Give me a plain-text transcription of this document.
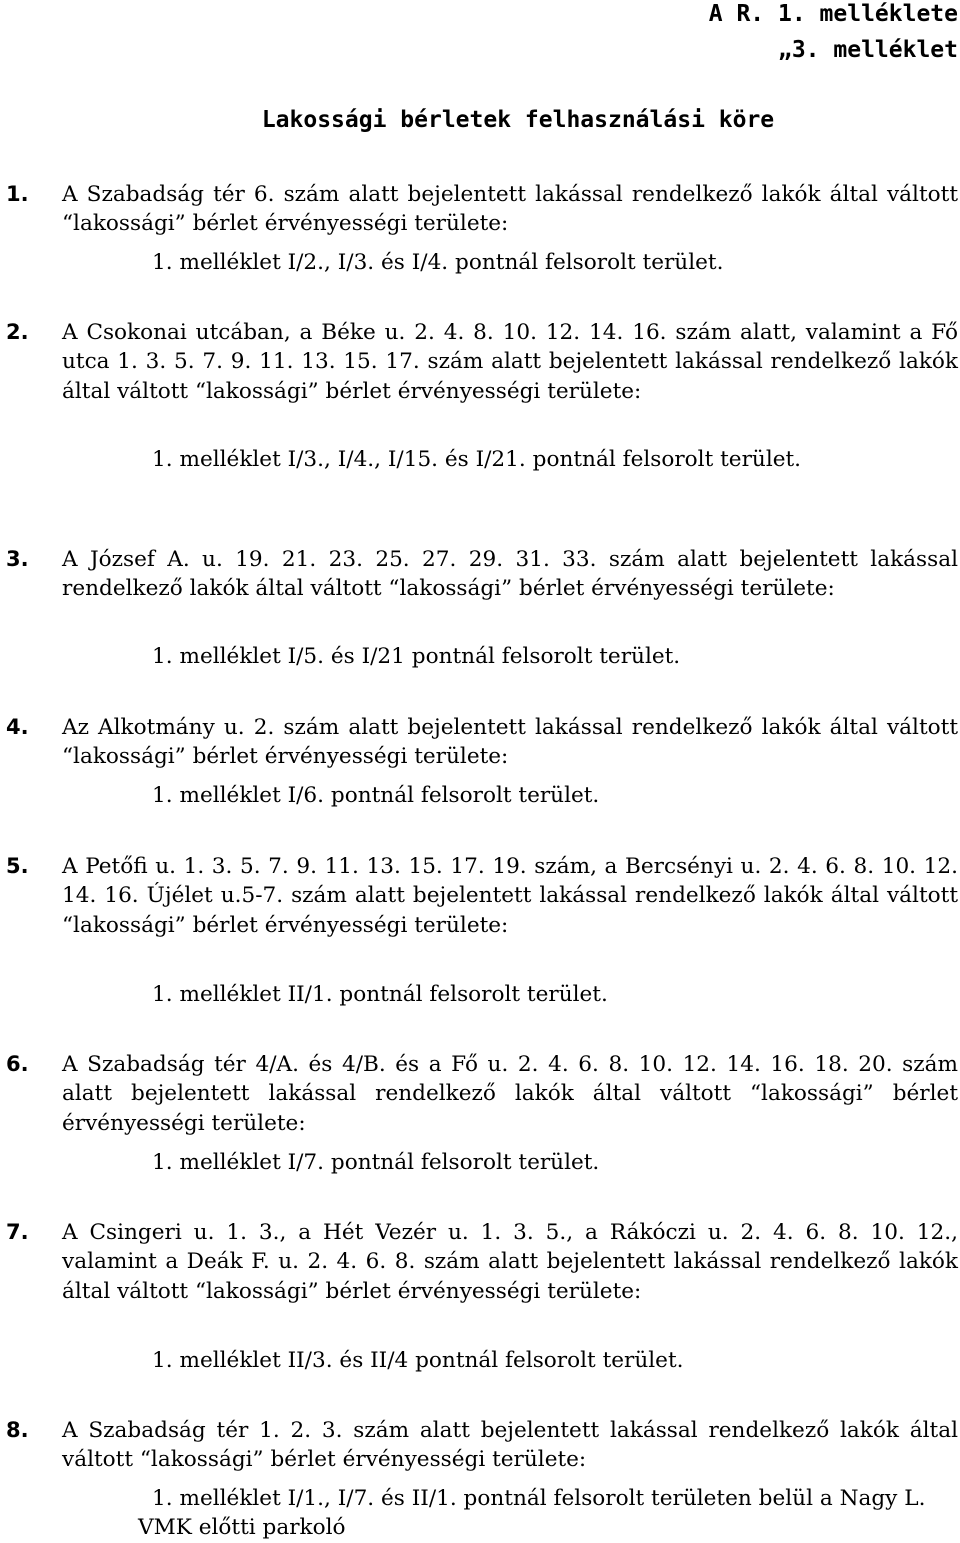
A R. 1. melléklete
„3. melléklet
Lakossági bérletek felhasználási köre
1. A Szabadság tér 6. szám alatt bejelentett lakással rendelkező lakók által váltott “lakossági” bérlet érvényességi területe:
1. melléklet I/2., I/3. és I/4. pontnál felsorolt terület.
2. A Csokonai utcában, a Béke u. 2. 4. 8. 10. 12. 14. 16. szám alatt, valamint a Fő utca 1. 3. 5. 7. 9. 11. 13. 15. 17. szám alatt bejelentett lakással rendelkező lakók által váltott “lakossági” bérlet érvényességi területe:
1. melléklet I/3., I/4., I/15. és I/21. pontnál felsorolt terület.
3. A József A. u. 19. 21. 23. 25. 27. 29. 31. 33. szám alatt bejelentett lakással rendelkező lakók által váltott “lakossági” bérlet érvényességi területe:
1. melléklet I/5. és I/21 pontnál felsorolt terület.
4. Az Alkotmány u. 2. szám alatt bejelentett lakással rendelkező lakók által váltott “lakossági” bérlet érvényességi területe:
1. melléklet I/6. pontnál felsorolt terület.
5. A Petőfi u. 1. 3. 5. 7. 9. 11. 13. 15. 17. 19. szám, a Bercsényi u. 2. 4. 6. 8. 10. 12. 14. 16. Újélet u.5-7. szám alatt bejelentett lakással rendelkező lakók által váltott “lakossági” bérlet érvényességi területe:
1. melléklet II/1. pontnál felsorolt terület.
6. A Szabadság tér 4/A. és 4/B. és a Fő u. 2. 4. 6. 8. 10. 12. 14. 16. 18. 20. szám alatt bejelentett lakással rendelkező lakók által váltott “lakossági” bérlet érvényességi területe:
1. melléklet I/7. pontnál felsorolt terület.
7. A Csingeri u. 1. 3., a Hét Vezér u. 1. 3. 5., a Rákóczi u. 2. 4. 6. 8. 10. 12., valamint a Deák F. u. 2. 4. 6. 8. szám alatt bejelentett lakással rendelkező lakók által váltott “lakossági” bérlet érvényességi területe:
1. melléklet II/3. és II/4 pontnál felsorolt terület.
8. A Szabadság tér 1. 2. 3. szám alatt bejelentett lakással rendelkező lakók által váltott “lakossági” bérlet érvényességi területe:
1. melléklet I/1., I/7. és II/1. pontnál felsorolt területen belül a Nagy L. VMK előtti parkoló
